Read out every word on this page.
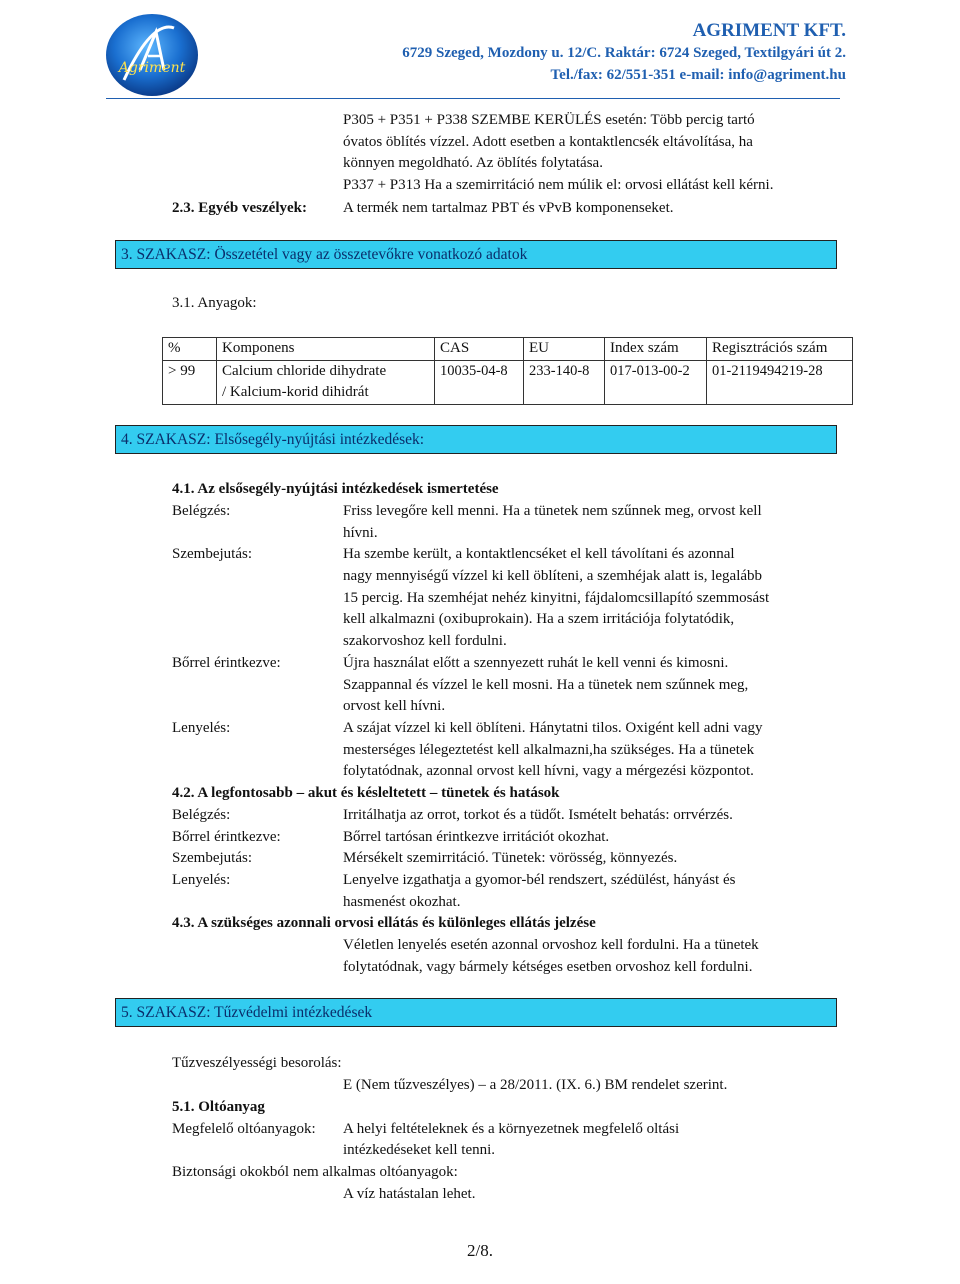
Agriment
AGRIMENT KFT.
6729 Szeged, Mozdony u. 12/C. Raktár: 6724 Szeged, Textilgyári út 2.
Tel./fax: 62/551-351 e-mail: info@agriment.hu
P305 + P351 + P338 SZEMBE KERÜLÉS esetén: Több percig tartó
óvatos öblítés vízzel. Adott esetben a kontaktlencsék eltávolítása, ha
könnyen megoldható. Az öblítés folytatása.
P337 + P313 Ha a szemirritáció nem múlik el: orvosi ellátást kell kérni.
2.3. Egyéb veszélyek: A termék nem tartalmaz PBT és vPvB komponenseket.
3. SZAKASZ: Összetétel vagy az összetevőkre vonatkozó adatok
3.1. Anyagok:
%	Komponens	CAS	EU	Index szám	Regisztrációs szám
> 99	Calcium chloride dihydrate
/ Kalcium-korid dihidrát	10035-04-8	233-140-8	017-013-00-2	01-2119494219-28
4. SZAKASZ: Elsősegély-nyújtási intézkedések:
4.1. Az elsősegély-nyújtási intézkedések ismertetése
Belégzés:	Friss levegőre kell menni. Ha a tünetek nem szűnnek meg, orvost kell
hívni.
Szembejutás:	Ha szembe került, a kontaktlencséket el kell távolítani és azonnal
nagy mennyiségű vízzel ki kell öblíteni, a szemhéjak alatt is, legalább
15 percig. Ha szemhéjat nehéz kinyitni, fájdalomcsillapító szemmosást
kell alkalmazni (oxibuprokain). Ha a szem irritációja folytatódik,
szakorvoshoz kell fordulni.
Bőrrel érintkezve:	Újra használat előtt a szennyezett ruhát le kell venni és kimosni.
Szappannal és vízzel le kell mosni. Ha a tünetek nem szűnnek meg,
orvost kell hívni.
Lenyelés:	A szájat vízzel ki kell öblíteni. Hánytatni tilos. Oxigént kell adni vagy
mesterséges lélegeztetést kell alkalmazni,ha szükséges. Ha a tünetek
folytatódnak, azonnal orvost kell hívni, vagy a mérgezési központot.
4.2. A legfontosabb – akut és késleltetett – tünetek és hatások
Belégzés:	Irritálhatja az orrot, torkot és a tüdőt. Ismételt behatás: orrvérzés.
Bőrrel érintkezve:	Bőrrel tartósan érintkezve irritációt okozhat.
Szembejutás:	Mérsékelt szemirritáció. Tünetek: vörösség, könnyezés.
Lenyelés:	Lenyelve izgathatja a gyomor-bél rendszert, szédülést, hányást és
hasmenést okozhat.
4.3. A szükséges azonnali orvosi ellátás és különleges ellátás jelzése
Véletlen lenyelés esetén azonnal orvoshoz kell fordulni. Ha a tünetek
folytatódnak, vagy bármely kétséges esetben orvoshoz kell fordulni.
5. SZAKASZ: Tűzvédelmi intézkedések
Tűzveszélyességi besorolás:
E (Nem tűzveszélyes) – a 28/2011. (IX. 6.) BM rendelet szerint.
5.1. Oltóanyag
Megfelelő oltóanyagok: A helyi feltételeknek és a környezetnek megfelelő oltási
intézkedéseket kell tenni.
Biztonsági okokból nem alkalmas oltóanyagok:
A víz hatástalan lehet.
2/8.
